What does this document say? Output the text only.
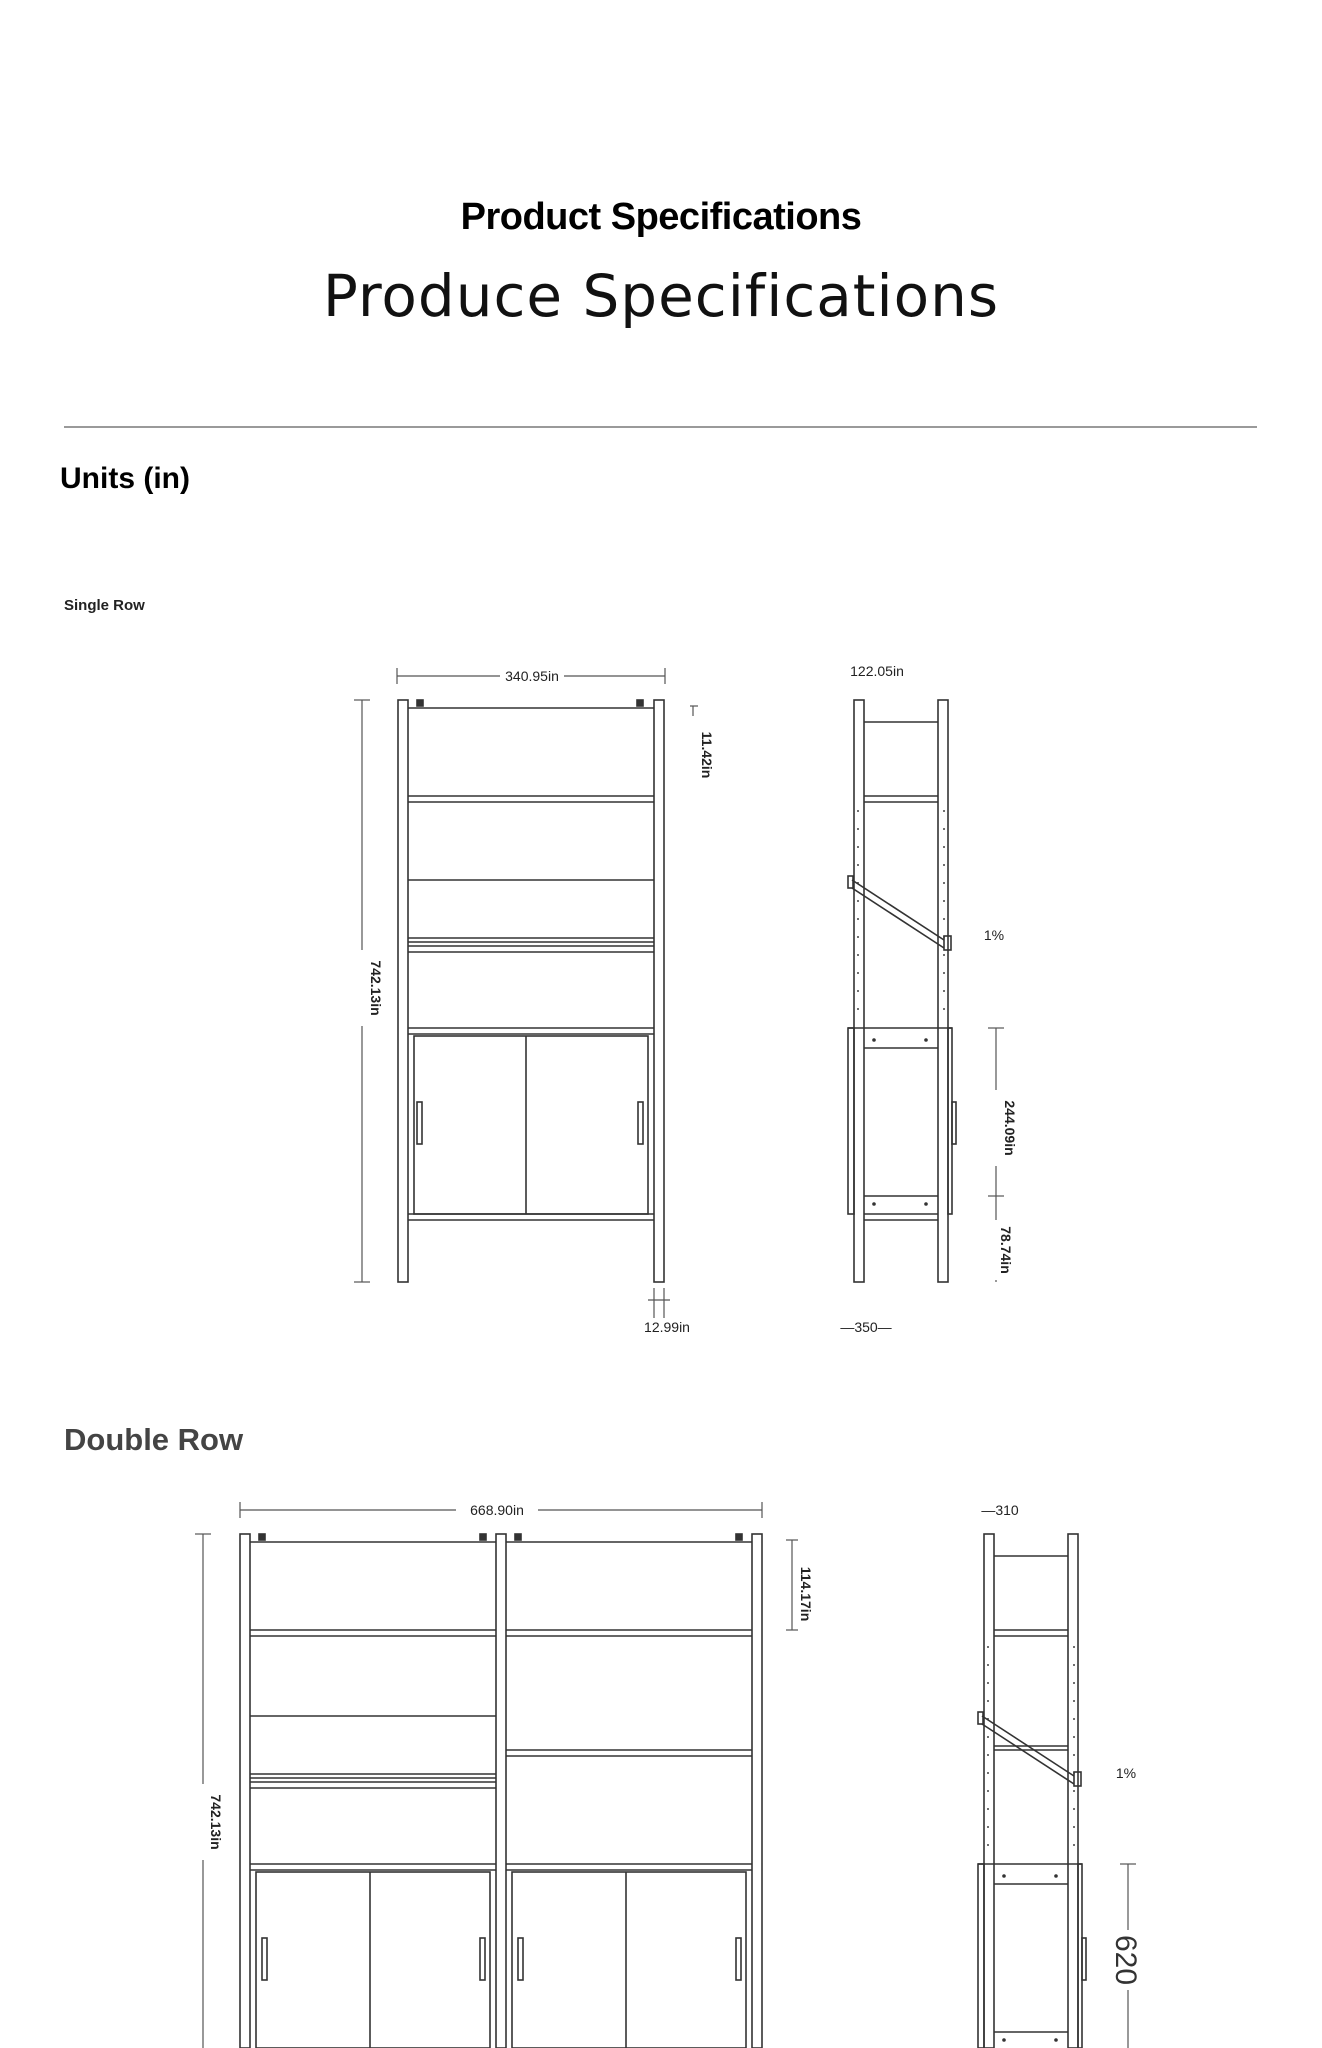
Product Specifications
Produce Specifications
Units (in)
Single Row
Double Row
340.95in
742.13in
11.42in
12.99in
122.05in
1%
244.09in
78.74in
—350—
668.90in
742.13in
114.17in
—310
1%
620
